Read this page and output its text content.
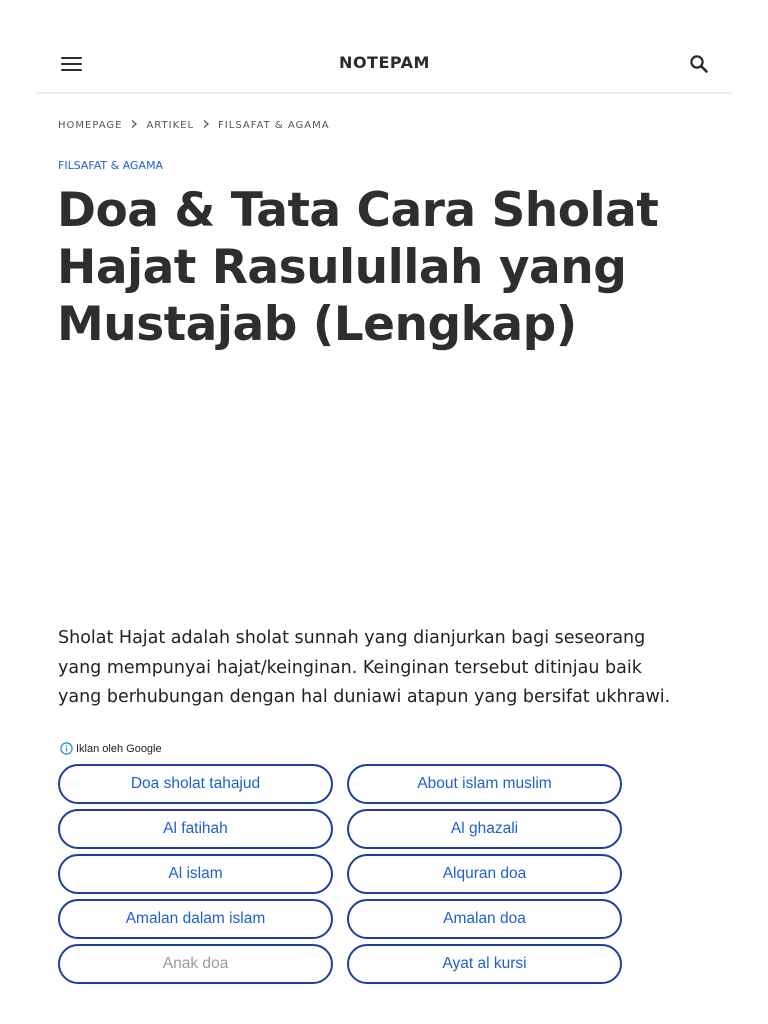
NOTEPAM
HOMEPAGE ARTIKEL FILSAFAT & AGAMA
FILSAFAT & AGAMA
Doa & Tata Cara Sholat
Hajat Rasulullah yang
Mustajab (Lengkap)

Sholat Hajat adalah sholat sunnah yang dianjurkan bagi seseorang
yang mempunyai hajat/keinginan. Keinginan tersebut ditinjau baik
yang berhubungan dengan hal duniawi atapun yang bersifat ukhrawi.

Iklan oleh Google
Doa sholat tahajud	About islam muslim
Al fatihah	Al ghazali
Al islam	Alquran doa
Amalan dalam islam	Amalan doa
Anak doa	Ayat al kursi
